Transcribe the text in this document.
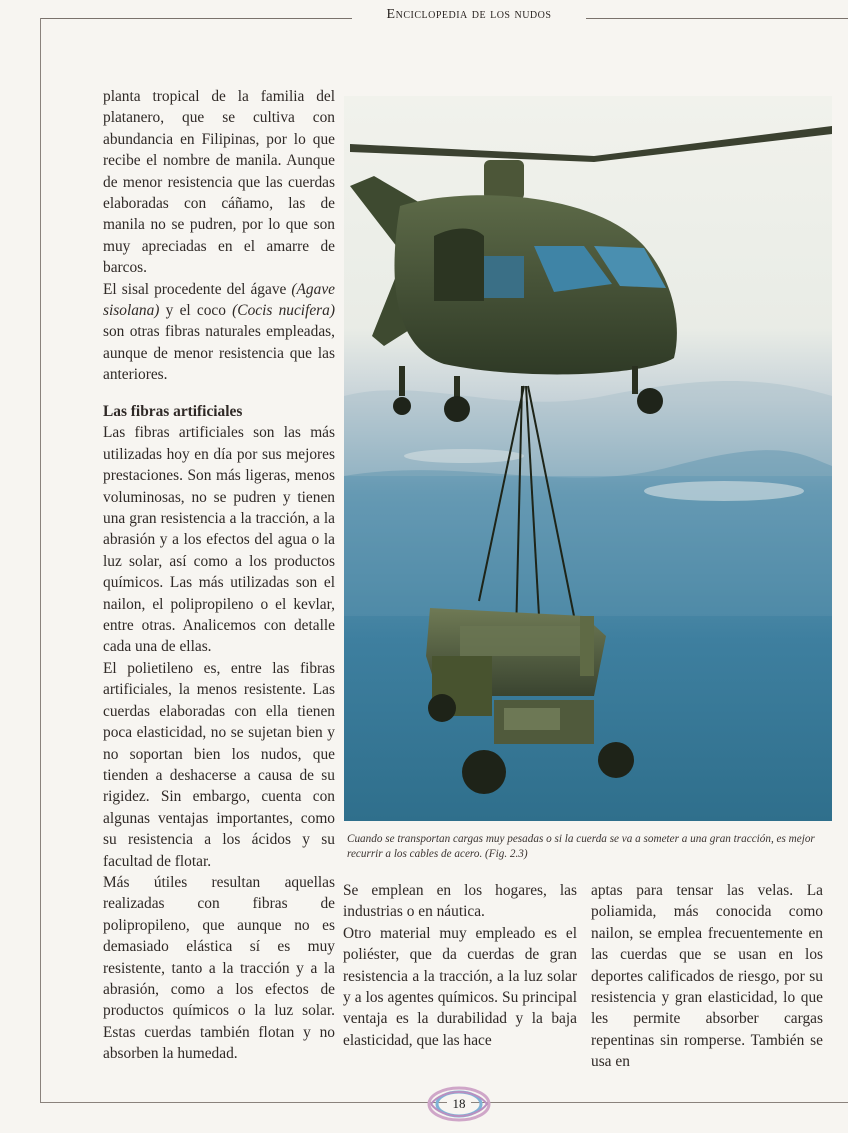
Enciclopedia de los nudos

planta tropical de la familia del platanero, que se cultiva con abundancia en Filipinas, por lo que recibe el nombre de manila. Aunque de menor resistencia que las cuerdas elaboradas con cáñamo, las de manila no se pudren, por lo que son muy apreciadas en el amarre de barcos.

El sisal procedente del ágave (Agave sisolana) y el coco (Cocis nucifera) son otras fibras naturales empleadas, aunque de menor resistencia que las anteriores.

Las fibras artificiales

Las fibras artificiales son las más utilizadas hoy en día por sus mejores prestaciones. Son más ligeras, menos voluminosas, no se pudren y tienen una gran resistencia a la tracción, a la abrasión y a los efectos del agua o la luz solar, así como a los productos químicos. Las más utilizadas son el nailon, el polipropileno o el kevlar, entre otras. Analicemos con detalle cada una de ellas.

El polietileno es, entre las fibras artificiales, la menos resistente. Las cuerdas elaboradas con ella tienen poca elasticidad, no se sujetan bien y no soportan bien los nudos, que tienden a deshacerse a causa de su rigidez. Sin embargo, cuenta con algunas ventajas importantes, como su resistencia a los ácidos y su facultad de flotar.

Más útiles resultan aquellas realizadas con fibras de polipropileno, que aunque no es demasiado elástica sí es muy resistente, tanto a la tracción y a la abrasión, como a los efectos de productos químicos o la luz solar. Estas cuerdas también flotan y no absorben la humedad.

Cuando se transportan cargas muy pesadas o si la cuerda se va a someter a una gran tracción, es mejor recurrir a los cables de acero. (Fig. 2.3)

Se emplean en los hogares, las industrias o en náutica.

Otro material muy empleado es el poliéster, que da cuerdas de gran resistencia a la tracción, a la luz solar y a los agentes químicos. Su principal ventaja es la durabilidad y la baja elasticidad, que las hace

aptas para tensar las velas. La poliamida, más conocida como nailon, se emplea frecuentemente en las cuerdas que se usan en los deportes calificados de riesgo, por su resistencia y gran elasticidad, lo que les permite absorber cargas repentinas sin romperse. También se usa en

18
